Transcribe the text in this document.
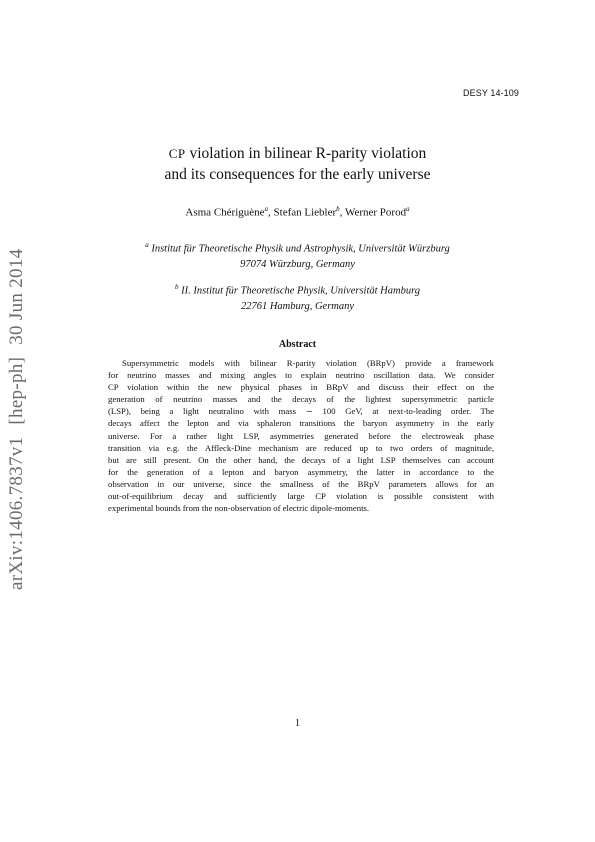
DESY 14-109
arXiv:1406.7837v1[hep-ph]30 Jun 2014
CP violation in bilinear R-parity violation
and its consequences for the early universe
Asma Chériguène$^a$, Stefan Liebler$^b$, Werner Porod$^a$
$^a$ Institut für Theoretische Physik und Astrophysik, Universität Würzburg
97074 Würzburg, Germany
$^b$ II. Institut für Theoretische Physik, Universität Hamburg
22761 Hamburg, Germany
Abstract
Supersymmetric models with bilinear R-parity violation (BRpV) provide a framework
for neutrino masses and mixing angles to explain neutrino oscillation data. We consider
CP violation within the new physical phases in BRpV and discuss their effect on the
generation of neutrino masses and the decays of the lightest supersymmetric particle
(LSP), being a light neutralino with mass ∼ 100 GeV, at next-to-leading order. The
decays affect the lepton and via sphaleron transitions the baryon asymmetry in the early
universe. For a rather light LSP, asymmetries generated before the electroweak phase
transition via e.g. the Affleck-Dine mechanism are reduced up to two orders of magnitude,
but are still present. On the other hand, the decays of a light LSP themselves can account
for the generation of a lepton and baryon asymmetry, the latter in accordance to the
observation in our universe, since the smallness of the BRpV parameters allows for an
out-of-equilibrium decay and sufficiently large CP violation is possible consistent with
experimental bounds from the non-observation of electric dipole-moments.
1
